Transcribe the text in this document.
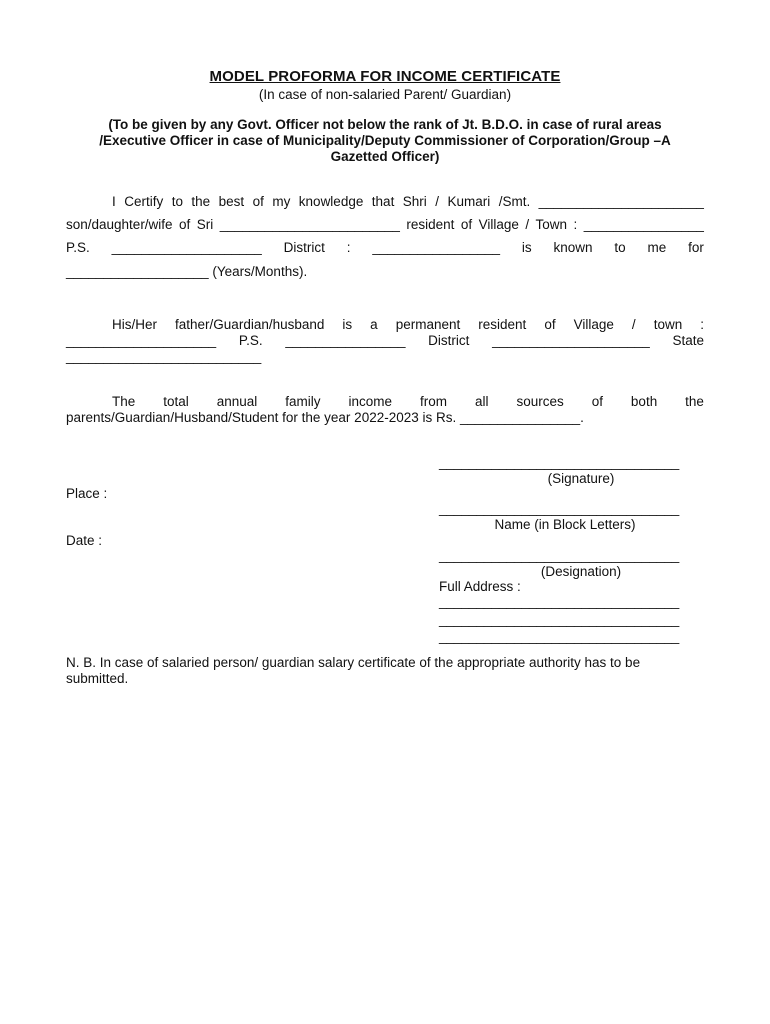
MODEL PROFORMA FOR INCOME CERTIFICATE
(In case of non-salaried Parent/ Guardian)
(To be given by any Govt. Officer not below the rank of Jt. B.D.O. in case of rural areas
/Executive Officer in case of Municipality/Deputy Commissioner of Corporation/Group –A
Gazetted Officer)
I Certify to the best of my knowledge that Shri / Kumari /Smt. ______________________
son/daughter/wife of Sri ________________________ resident of Village / Town : ________________
P.S. ____________________ District : _________________ is known to me for
___________________ (Years/Months).
His/Her father/Guardian/husband is a permanent resident of Village / town :
____________________ P.S. ________________ District _____________________ State
__________________________
The total annual family income from all sources of both the
parents/Guardian/Husband/Student for the year 2022-2023 is Rs. ________________.
Place :
Date :
________________________________
(Signature)
________________________________
Name (in Block Letters)
________________________________
(Designation)
Full Address :
________________________________
________________________________
________________________________
N. B. In case of salaried person/ guardian salary certificate of the appropriate authority has to be
submitted.
